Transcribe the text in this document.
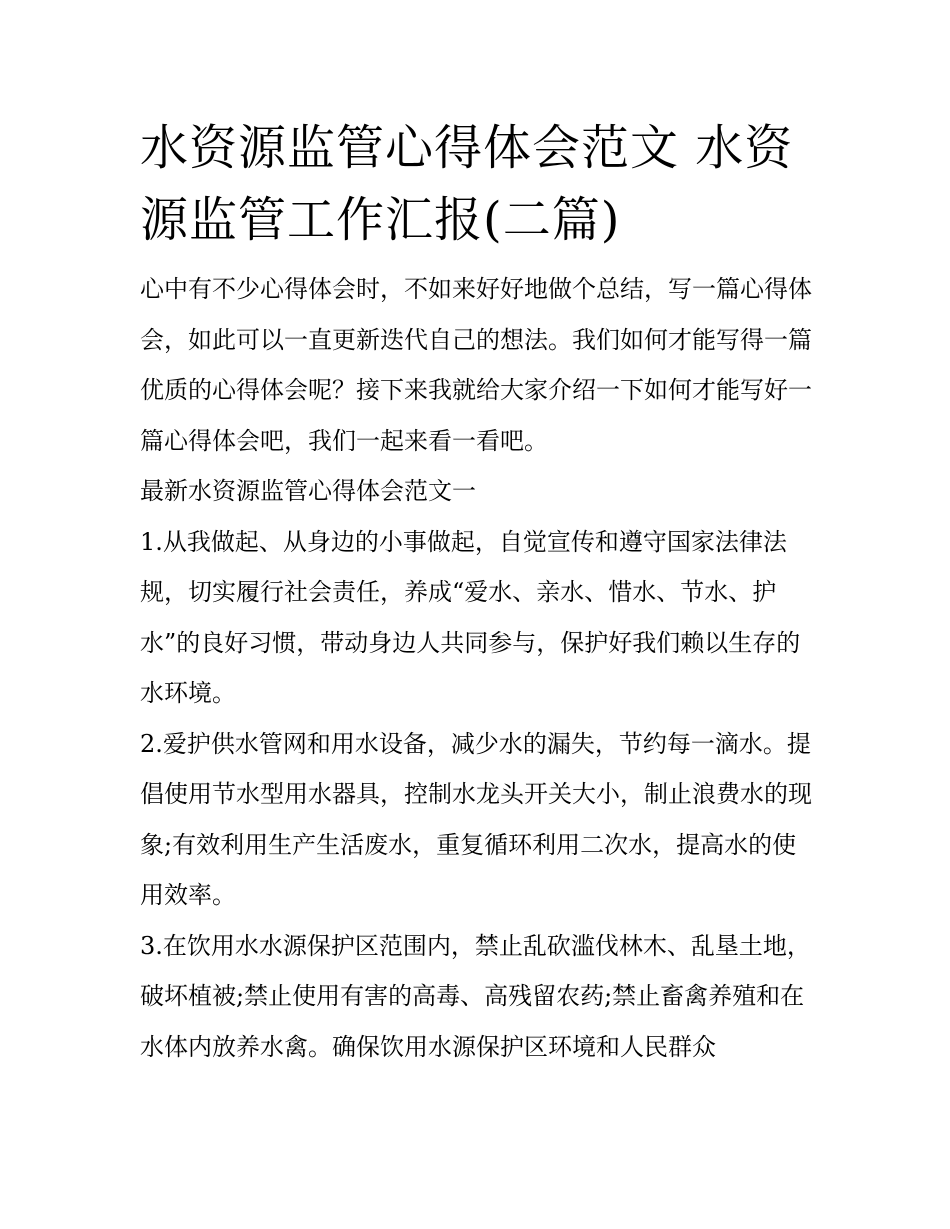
水资源监管心得体会范文 水资源监管工作汇报(二篇)

心中有不少心得体会时，不如来好好地做个总结，写一篇心得体会，如此可以一直更新迭代自己的想法。我们如何才能写得一篇优质的心得体会呢？接下来我就给大家介绍一下如何才能写好一篇心得体会吧，我们一起来看一看吧。

最新水资源监管心得体会范文一

1.从我做起、从身边的小事做起，自觉宣传和遵守国家法律法规，切实履行社会责任，养成“爱水、亲水、惜水、节水、护水”的良好习惯，带动身边人共同参与，保护好我们赖以生存的水环境。

2.爱护供水管网和用水设备，减少水的漏失，节约每一滴水。提倡使用节水型用水器具，控制水龙头开关大小，制止浪费水的现象;有效利用生产生活废水，重复循环利用二次水，提高水的使用效率。

3.在饮用水水源保护区范围内，禁止乱砍滥伐林木、乱垦土地，破坏植被;禁止使用有害的高毒、高残留农药;禁止畜禽养殖和在水体内放养水禽。确保饮用水源保护区环境和人民群众
